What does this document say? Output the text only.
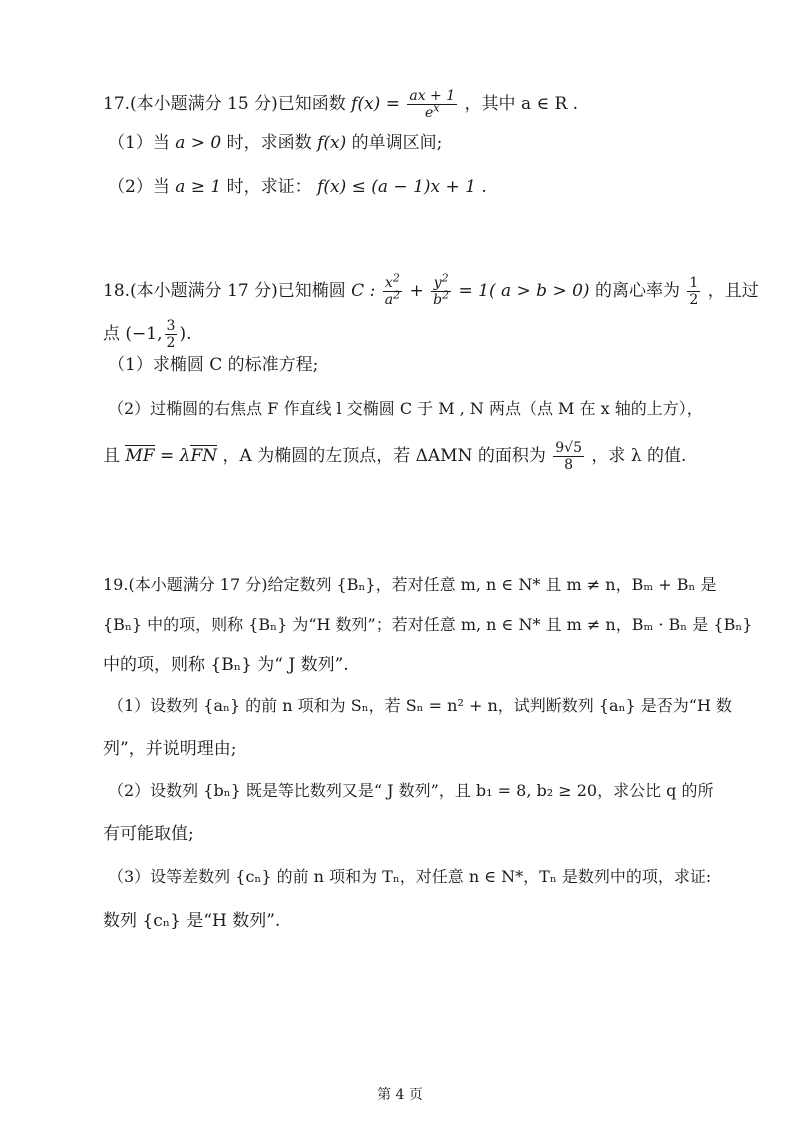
17.(本小题满分 15 分)已知函数 $f(x) = \frac{ax + 1}{e^x}$ ，其中 a ∈ R .
（1）当 a > 0 时，求函数 f(x) 的单调区间;
（2）当 a ≥ 1 时，求证： f(x) ≤ (a − 1)x + 1 .
18.(本小题满分 17 分)已知椭圆 C : $\frac{x^2}{a^2} + \frac{y^2}{b^2} = 1$( a > b > 0) 的离心率为 $\frac{1}{2}$ ，且过
点 (−1, $\frac{3}{2}$ ).
（1）求椭圆 C 的标准方程;
（2）过椭圆的右焦点 F 作直线 l 交椭圆 C 于 M , N 两点（点 M 在 x 轴的上方），
且 MF = λFN ，A 为椭圆的左顶点，若 ΔAMN 的面积为 $\frac{9√5}{8}$ ，求 λ 的值.
19.(本小题满分 17 分)给定数列 {Bₙ}，若对任意 m, n ∈ N* 且 m ≠ n，Bₘ + Bₙ 是
{Bₙ} 中的项，则称 {Bₙ} 为“H 数列”；若对任意 m, n ∈ N* 且 m ≠ n，Bₘ · Bₙ 是 {Bₙ}
中的项，则称 {Bₙ} 为“ J 数列”.
（1）设数列 {aₙ} 的前 n 项和为 Sₙ，若 Sₙ = n² + n，试判断数列 {aₙ} 是否为“H 数
列”，并说明理由;
（2）设数列 {bₙ} 既是等比数列又是“ J 数列”，且 b₁ = 8, b₂ ≥ 20，求公比 q 的所
有可能取值;
（3）设等差数列 {cₙ} 的前 n 项和为 Tₙ，对任意 n ∈ N*，Tₙ 是数列中的项，求证:
数列 {cₙ} 是“H 数列”.
第 4 页
